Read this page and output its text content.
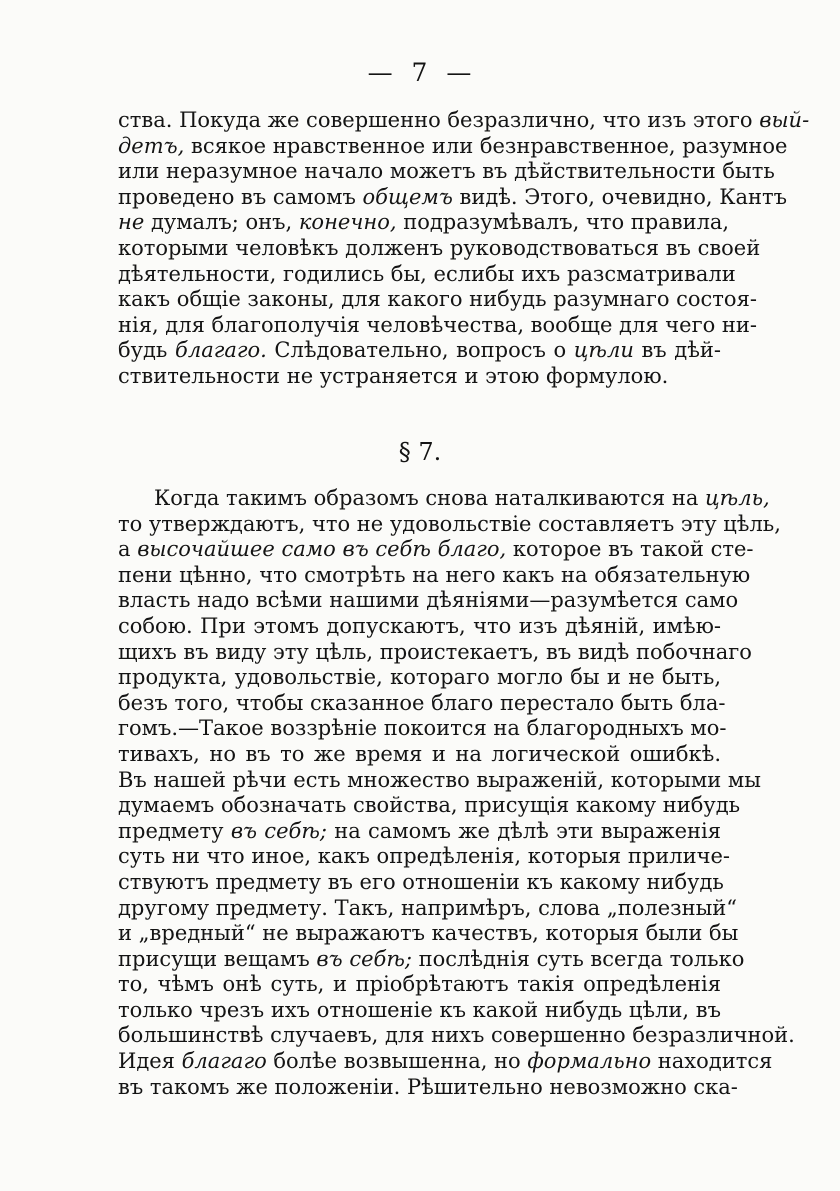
—  7  —
ства. Покуда же совершенно безразлично, что изъ этого вый-
детъ, всякое нравственное или безнравственное, разумное
или неразумное начало можетъ въ дѣйствительности быть
проведено въ самомъ общемъ видѣ. Этого, очевидно, Кантъ
не думалъ; онъ, конечно, подразумѣвалъ, что правила,
которыми человѣкъ долженъ руководствоваться въ своей
дѣятельности, годились бы, еслибы ихъ разсматривали
какъ общіе законы, для какого нибудь разумнаго состоя-
нія, для благополучія человѣчества, вообще для чего ни-
будь благаго. Слѣдовательно, вопросъ о цѣли въ дѣй-
ствительности не устраняется и этою формулою.
§ 7.
Когда такимъ образомъ снова наталкиваются на цѣль,
то утверждаютъ, что не удовольствіе составляетъ эту цѣль,
а высочайшее само въ себѣ благо, которое въ такой сте-
пени цѣнно, что смотрѣть на него какъ на обязательную
власть надо всѣми нашими дѣяніями—разумѣется само
собою. При этомъ допускаютъ, что изъ дѣяній, имѣю-
щихъ въ виду эту цѣль, проистекаетъ, въ видѣ побочнаго
продукта, удовольствіе, котораго могло бы и не быть,
безъ того, чтобы сказанное благо перестало быть бла-
гомъ.—Такое воззрѣніе покоится на благородныхъ мо-
тивахъ, но въ то же время и на логической ошибкѣ.
Въ нашей рѣчи есть множество выраженій, которыми мы
думаемъ обозначать свойства, присущія какому нибудь
предмету въ себѣ; на самомъ же дѣлѣ эти выраженія
суть ни что иное, какъ опредѣленія, которыя приличе-
ствуютъ предмету въ его отношеніи къ какому нибудь
другому предмету. Такъ, напримѣръ, слова „полезный“
и „вредный“ не выражаютъ качествъ, которыя были бы
присущи вещамъ въ себѣ; послѣднія суть всегда только
то, чѣмъ онѣ суть, и пріобрѣтаютъ такія опредѣленія
только чрезъ ихъ отношеніе къ какой нибудь цѣли, въ
большинствѣ случаевъ, для нихъ совершенно безразличной.
Идея благаго болѣе возвышенна, но формально находится
въ такомъ же положеніи. Рѣшительно невозможно ска-
